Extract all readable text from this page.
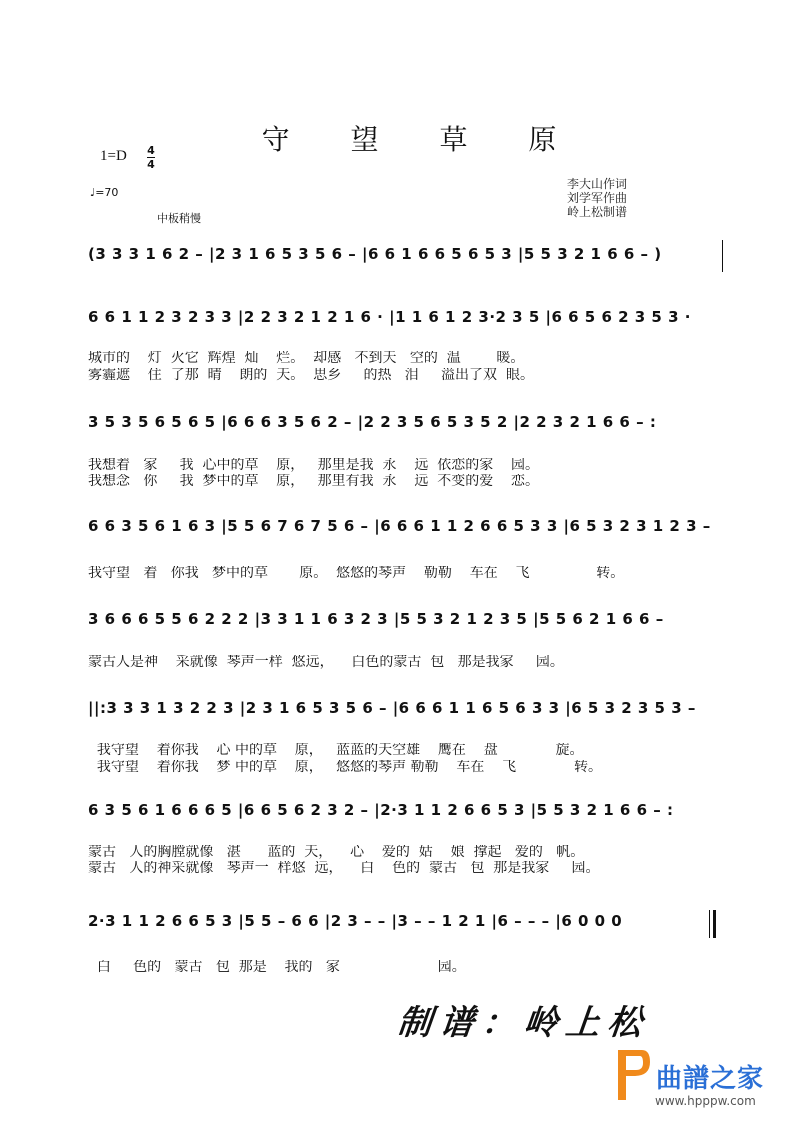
守 望 草 原
1=D 4
4
♩=70
中板稍慢
李大山作词
刘学军作曲
岭上松制谱
(3 3 3 1 6 2 – |2 3 1 6 5 3 5 6 – |6 6 1 6 6 5 6 5 3 |5 5 3 2 1 6 6 – )
6 6 1 1 2 3 2 3 3 |2 2 3 2 1 2 1 6 · |1 1 6 1 2 3·2 3 5 |6 6 5 6 2 3 5 3 ·
城市的    灯  火它  辉煌  灿    烂。  却感   不到天   空的  温        暖。
雾霾遮    住  了那  晴    朗的  天。  思乡     的热   泪     溢出了双  眼。
3 5 3 5 6 5 6 5 |6 6 6 3 5 6 2 – |2 2 3 5 6 5 3 5 2 |2 2 3 2 1 6 6 – :
我想着   家     我  心中的草    原，   那里是我  永    远  依恋的家    园。
我想念   你     我  梦中的草    原，   那里有我  永    远  不变的爱    恋。
6 6 3 5 6 1 6 3 |5 5 6 7 6 7 5 6 – |6 6 6 1 1 2 6 6 5 3 3 |6 5 3 2 3 1 2 3 –
我守望   着   你我   梦中的草       原。  悠悠的琴声    勒勒    车在    飞               转。
3 6 6 6 5 5 6 2 2 2 |3 3 1 1 6 3 2 3 |5 5 3 2 1 2 3 5 |5 5 6 2 1 6 6 –
蒙古人是神    采就像  琴声一样  悠远，    白色的蒙古  包   那是我家     园。
||:3 3 3 1 3 2 2 3 |2 3 1 6 5 3 5 6 – |6 6 6 1 1 6 5 6 3 3 |6 5 3 2 3 5 3 –
我守望    着你我    心 中的草    原，   蓝蓝的天空雄    鹰在    盘             旋。
我守望    着你我    梦 中的草    原，   悠悠的琴声 勒勒    车在    飞             转。
6 3 5 6 1 6 6 6 5 |6 6 5 6 2 3 2 – |2·3 1 1 2 6 6 5 3 |5 5 3 2 1 6 6 – :
蒙古   人的胸膛就像   湛      蓝的  天，    心    爱的  姑    娘  撑起   爱的   帆。
蒙古   人的神采就像   琴声一  样悠  远，    白    色的  蒙古   包  那是我家     园。
2·3 1 1 2 6 6 5 3 |5 5 – 6 6 |2 3 – – |3 – – 1 2 1 |6 – – – |6 0 0 0
白     色的   蒙古   包  那是    我的   家                      园。
制谱：岭上松
曲譜之家
www.hpppw.com
